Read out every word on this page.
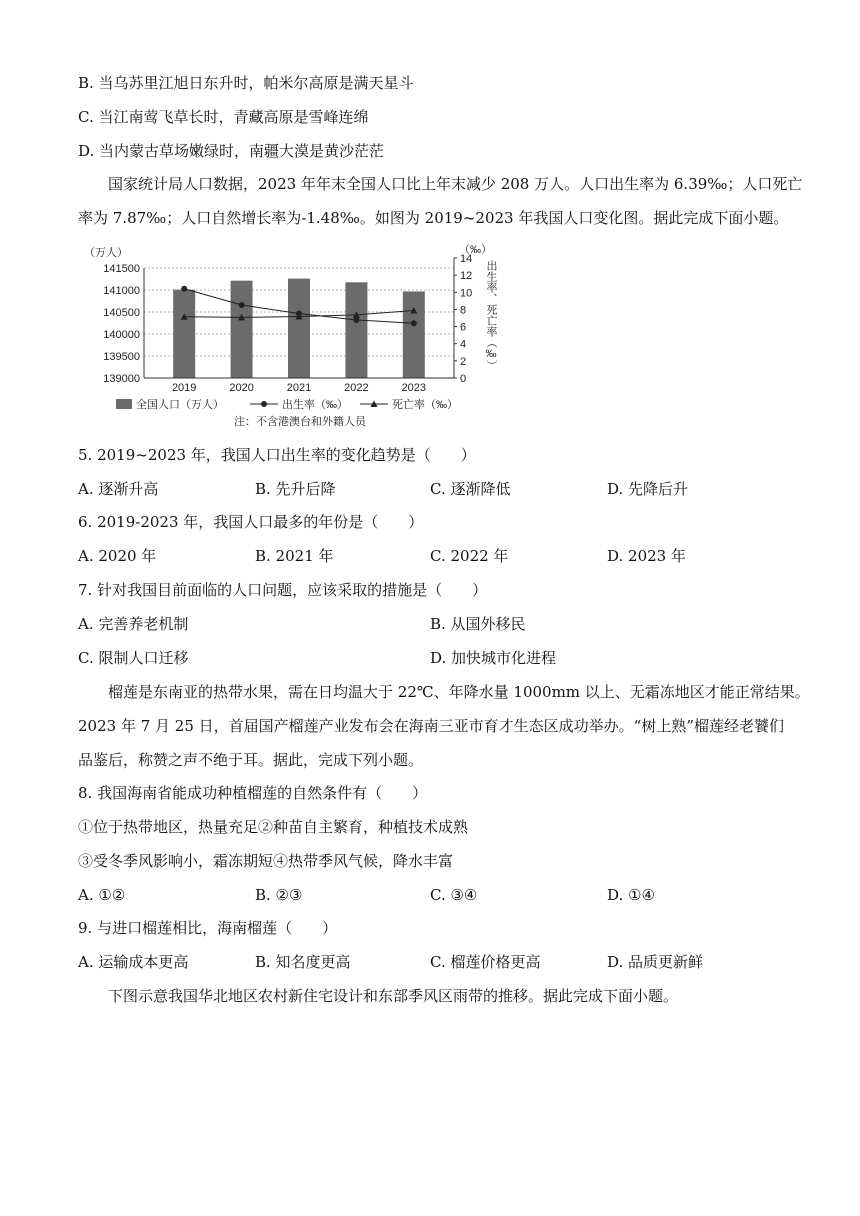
B. 当乌苏里江旭日东升时，帕米尔高原是满天星斗
C. 当江南莺飞草长时，青藏高原是雪峰连绵
D. 当内蒙古草场嫩绿时，南疆大漠是黄沙茫茫
国家统计局人口数据，2023 年年末全国人口比上年末减少 208 万人。人口出生率为 6.39‰；人口死亡
率为 7.87‰；人口自然增长率为-1.48‰。如图为 2019~2023 年我国人口变化图。据此完成下面小题。
141500
141000
140500
140000
139500
139000
14
12
10
8
6
4
2
0
2019	2020	2021	2022	2023
（万人）	（‰）
出生率、死亡率（‰）
全国人口（万人）	出生率（‰）	死亡率（‰）
注：不含港澳台和外籍人员
5. 2019~2023 年，我国人口出生率的变化趋势是（　　）
A. 逐渐升高	B. 先升后降	C. 逐渐降低	D. 先降后升
6. 2019-2023 年，我国人口最多的年份是（　　）
A. 2020 年	B. 2021 年	C. 2022 年	D. 2023 年
7. 针对我国目前面临的人口问题，应该采取的措施是（　　）
A. 完善养老机制	B. 从国外移民
C. 限制人口迁移	D. 加快城市化进程
榴莲是东南亚的热带水果，需在日均温大于 22℃、年降水量 1000mm 以上、无霜冻地区才能正常结果。
2023 年 7 月 25 日，首届国产榴莲产业发布会在海南三亚市育才生态区成功举办。“树上熟”榴莲经老饕们
品鉴后，称赞之声不绝于耳。据此，完成下列小题。
8. 我国海南省能成功种植榴莲的自然条件有（　　）
①位于热带地区，热量充足②种苗自主繁育，种植技术成熟
③受冬季风影响小，霜冻期短④热带季风气候，降水丰富
A. ①②	B. ②③	C. ③④	D. ①④
9. 与进口榴莲相比，海南榴莲（　　）
A. 运输成本更高	B. 知名度更高	C. 榴莲价格更高	D. 品质更新鲜
下图示意我国华北地区农村新住宅设计和东部季风区雨带的推移。据此完成下面小题。
